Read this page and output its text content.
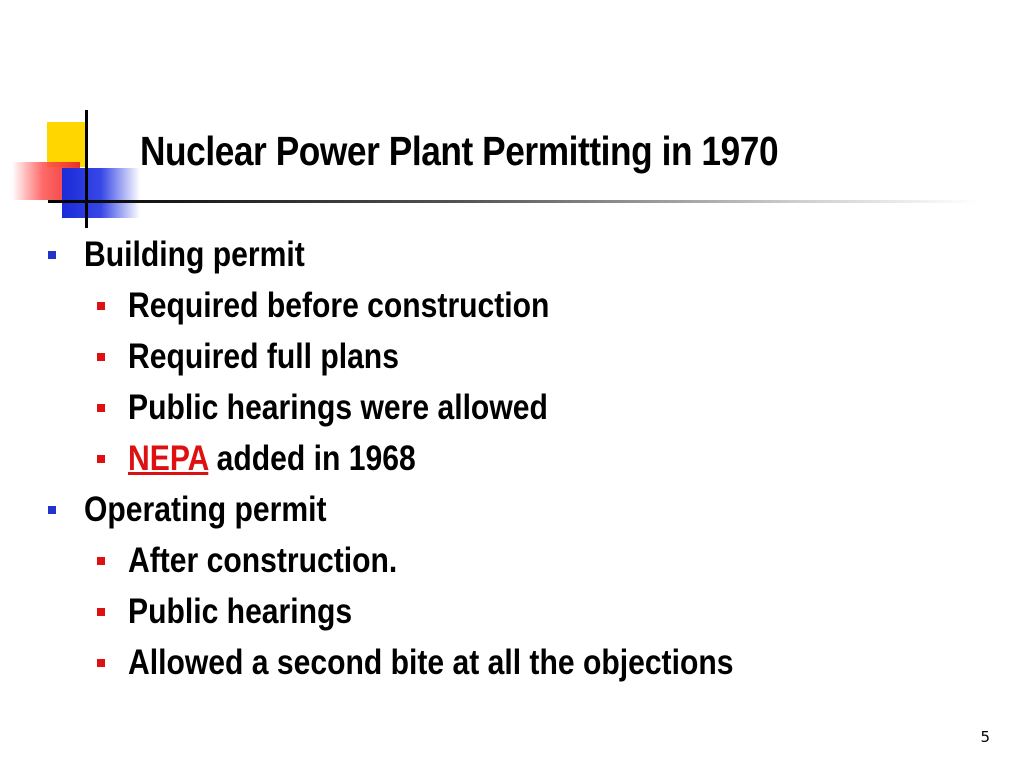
Nuclear Power Plant Permitting in 1970
Building permit
Required before construction
Required full plans
Public hearings were allowed
NEPA added in 1968
Operating permit
After construction.
Public hearings
Allowed a second bite at all the objections
5
